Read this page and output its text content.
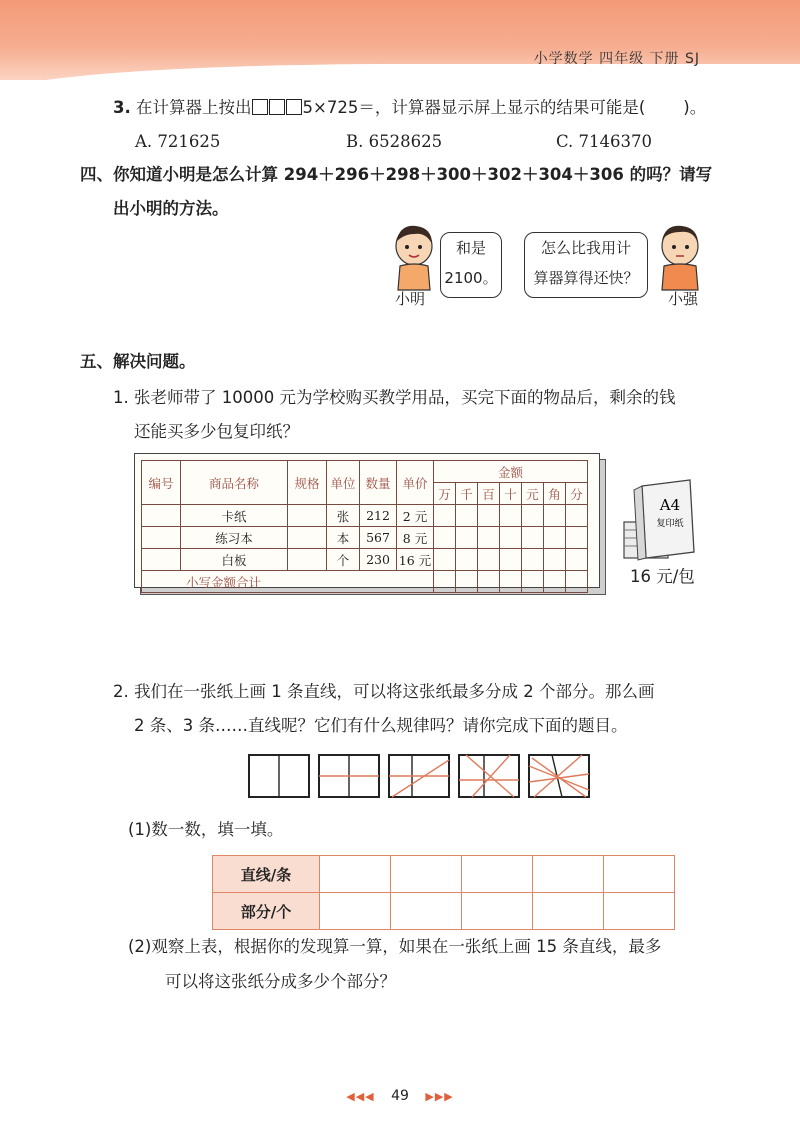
小学数学 四年级 下册 SJ
3. 在计算器上按出	5×725＝，计算器显示屏上显示的结果可能是( )。
A. 721625	B. 6528625	C. 7146370
四、你知道小明是怎么计算 294＋296＋298＋300＋302＋304＋306 的吗？请写
出小明的方法。
小明
和是
2100。
怎么比我用计
算器算得还快？
小强
五、解决问题。
1. 张老师带了 10000 元为学校购买教学用品，买完下面的物品后，剩余的钱
还能买多少包复印纸？
编号	商品名称	规格	单位	数量	单价	金额						
						万	千	百	十	元	角	分
	卡纸		张	212	2 元							
	练习本		本	567	8 元							
	白板		个	230	16 元							
小写金额合计												
A4
复印纸
16 元/包
2. 我们在一张纸上画 1 条直线，可以将这张纸最多分成 2 个部分。那么画
2 条、3 条……直线呢？它们有什么规律吗？请你完成下面的题目。
(1)数一数，填一填。
直线/条					
部分/个					
(2)观察上表，根据你的发现算一算，如果在一张纸上画 15 条直线，最多
可以将这张纸分成多少个部分？
◀◀◀ 49 ▶▶▶
